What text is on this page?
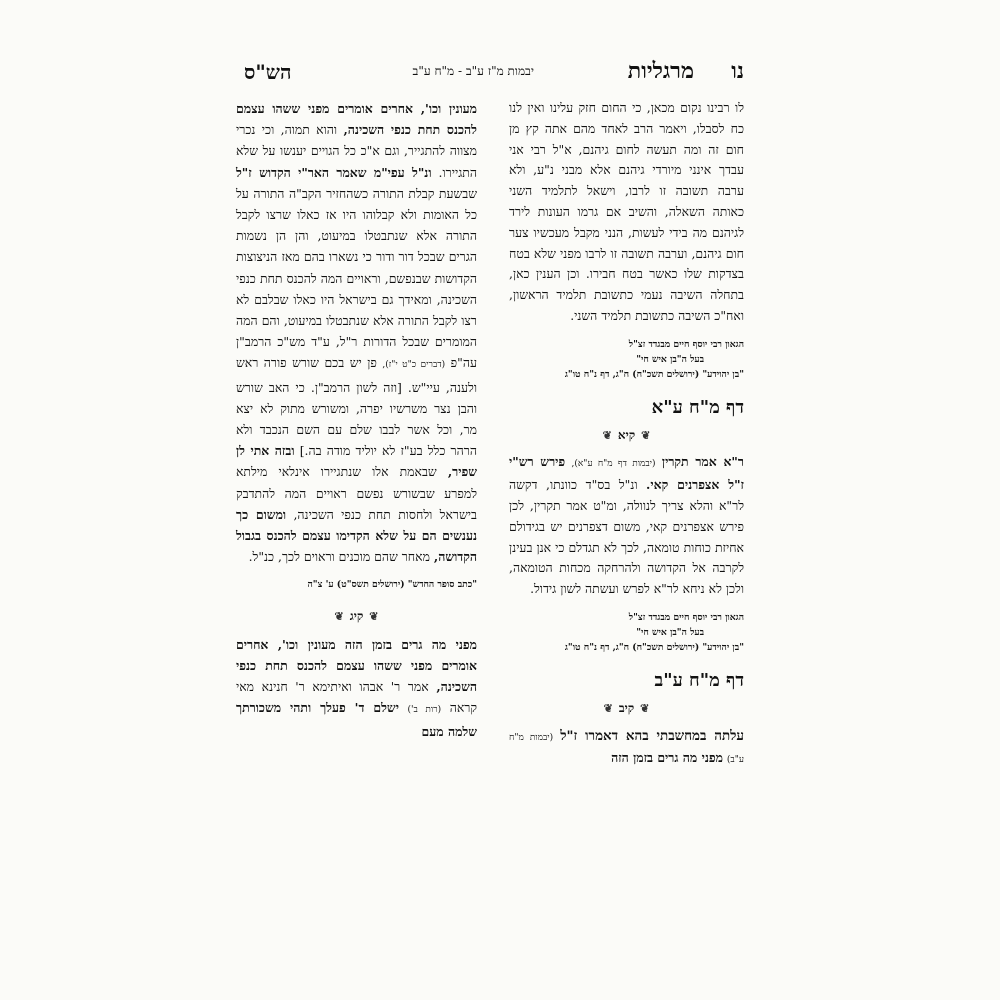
נו
מרגליות
יבמות מ"ז ע"ב - מ"ח ע"ב
הש"ס

לו רבינו נקום מכאן, כי החום חזק עלינו ואין לנו כח לסבלו, ויאמר הרב לאחד מהם אתה קץ מן חום זה ומה תעשה לחום גיהנם, א"ל רבי אני עבדך אינני מיורדי גיהנם אלא מבני נ"ע, ולא ערבה תשובה זו לרבו, וישאל לתלמיד השני כאותה השאלה, והשיב אם גרמו העונות לירד לגיהנם מה בידי לעשות, הנני מקבל מעכשיו צער חום גיהנם, וערבה תשובה זו לרבו מפני שלא בטח בצדקות שלו כאשר בטח חבירו. וכן הענין כאן, בתחלה השיבה נעמי כתשובת תלמיד הראשון, ואח"כ השיבה כתשובת תלמיד השני.

הגאון רבי יוסף חיים מבגדד זצ"ל
בעל ה"בן איש חי"
"בן יהוידע" (ירושלים תשכ"ח) ח"ג, דף נ"ח טו"ג
דף מ"ח ע"א
❦קיא❦

ר"א אמר תקרין (יבמות דף מ"ח ע"א), פירש רש"י ז"ל אצפרנים קאי. ונ"ל בס"ד כוונתו, דקשה לר"א והלא צריך לנוולה, ומ"ט אמר תקרין, לכן פירש אצפרנים קאי, משום דצפרנים יש בגידולם אחיזת כוחות טומאה, לכך לא תגדלם כי אנן בעינן לקרבה אל הקדושה ולהרחקה מכחות הטומאה, ולכן לא ניחא לר"א לפרש ועשתה לשון גידול.

הגאון רבי יוסף חיים מבגדד זצ"ל
בעל ה"בן איש חי"
"בן יהוידע" (ירושלים תשכ"ח) ח"ג, דף נ"ח טו"ג
דף מ"ח ע"ב
❦קיב❦

עלתה במחשבתי בהא דאמרו ז"ל (יבמות מ"ח ע"ב) מפני מה גרים בזמן הזה

מעונין וכו', אחרים אומרים מפני ששהו עצמם להכנס תחת כנפי השכינה, והוא תמוה, וכי נכרי מצווה להתגייר, וגם א"כ כל הגויים יענשו על שלא התגיירו. ונ"ל עפי"מ שאמר האר"י הקדוש ז"ל שבשעת קבלת התורה כשהחזיר הקב"ה התורה על כל האומות ולא קבלוהו היו אז כאלו שרצו לקבל התורה אלא שנתבטלו במיעוט, והן הן נשמות הגרים שבכל דור ודור כי נשארו בהם מאז הניצוצות הקדושות שבנפשם, וראויים המה להכנס תחת כנפי השכינה, ומאידך גם בישראל היו כאלו שבלבם לא רצו לקבל התורה אלא שנתבטלו במיעוט, והם המה המומרים שבכל הדורות ר"ל, ע"ד מש"כ הרמב"ן עה"פ (דברים כ"ט י"ז), פן יש בכם שורש פורה ראש ולענה, עיי"ש. [וזה לשון הרמב"ן. כי האב שורש והבן נצר משרשיו יפרה, ומשורש מתוק לא יצא מר, וכל אשר לבבו שלם עם השם הנכבד ולא הרהר כלל בע"ז לא יוליד מודה בה.] ובזה אתי לן שפיר, שבאמת אלו שנתגיירו אינלאי מילתא למפרע שבשורש נפשם ראויים המה להתדבק בישראל ולחסות תחת כנפי השכינה, ומשום כך נענשים הם על שלא הקדימו עצמם להכנס בגבול הקדושה, מאחר שהם מוכנים וראוים לכך, כנ"ל.

"כתב סופר החדש" (ירושלים תשס"ט) ע' צ"ה
❦קיג❦

מפני מה גרים בזמן הזה מעונין וכו', אחרים אומרים מפני ששהו עצמם להכנס תחת כנפי השכינה, אמר ר' אבהו ואיתימא ר' חנינא מאי קראה (רות ב') ישלם ד' פעלך ותהי משכורתך שלמה מעם
